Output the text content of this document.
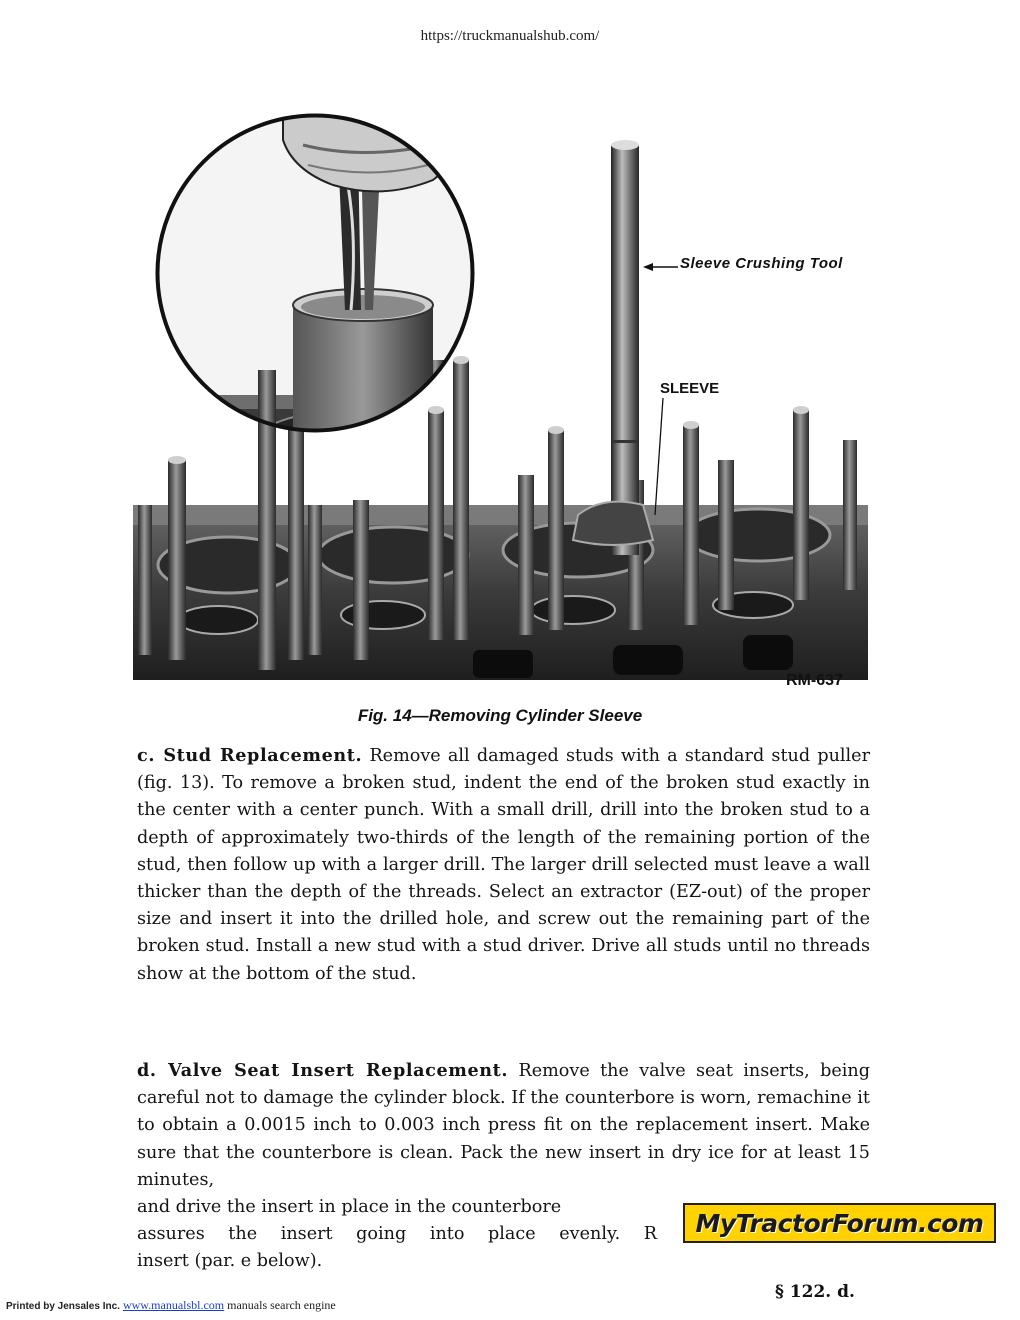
https://truckmanualshub.com/
Sleeve Crushing Tool
SLEEVE
RM-637
Fig. 14—Removing Cylinder Sleeve
c. Stud Replacement. Remove all damaged studs with a standard stud puller (fig. 13). To remove a broken stud, indent the end of the broken stud exactly in the center with a center punch. With a small drill, drill into the broken stud to a depth of approximately two-thirds of the length of the remaining portion of the stud, then follow up with a larger drill. The larger drill selected must leave a wall thicker than the depth of the threads. Select an extractor (EZ-out) of the proper size and insert it into the drilled hole, and screw out the remaining part of the broken stud. Install a new stud with a stud driver. Drive all studs until no threads show at the bottom of the stud.
d. Valve Seat Insert Replacement. Remove the valve seat inserts, being careful not to damage the cylinder block. If the counterbore is worn, remachine it to obtain a 0.0015 inch to 0.003 inch press fit on the replacement insert. Make sure that the counterbore is clean. Pack the new insert in dry ice for at least 15 minutes,
and drive the insert in place in the counterbore
assures the insert going into place evenly. R
insert (par. e below).
MyTractorForum.com
§ 122. d.
Printed by Jensales Inc. www.manualsbl.com manuals search engine
